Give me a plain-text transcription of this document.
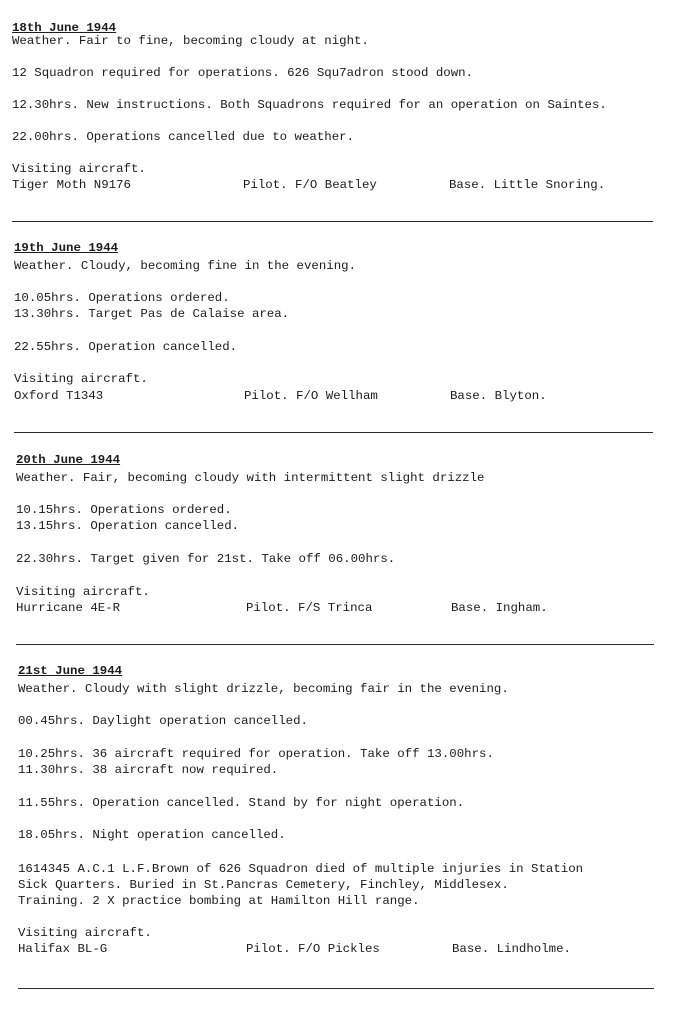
18th June 1944
Weather. Fair to fine, becoming cloudy at night.
12 Squadron required for operations. 626 Squ7adron stood down.
12.30hrs. New instructions. Both Squadrons required for an operation on Saintes.
22.00hrs. Operations cancelled due to weather.
Visiting aircraft.
Tiger Moth N9176	Pilot. F/O Beatley	Base. Little Snoring.
19th June 1944
Weather. Cloudy, becoming fine in the evening.
10.05hrs. Operations ordered.
13.30hrs. Target Pas de Calaise area.
22.55hrs. Operation cancelled.
Visiting aircraft.
Oxford T1343	Pilot. F/O Wellham	Base. Blyton.
20th June 1944
Weather. Fair, becoming cloudy with intermittent slight drizzle
10.15hrs. Operations ordered.
13.15hrs. Operation cancelled.
22.30hrs. Target given for 21st. Take off 06.00hrs.
Visiting aircraft.
Hurricane 4E-R	Pilot. F/S Trinca	Base. Ingham.
21st June 1944
Weather. Cloudy with slight drizzle, becoming fair in the evening.
00.45hrs. Daylight operation cancelled.
10.25hrs. 36 aircraft required for operation. Take off 13.00hrs.
11.30hrs. 38 aircraft now required.
11.55hrs. Operation cancelled. Stand by for night operation.
18.05hrs. Night operation cancelled.
1614345 A.C.1 L.F.Brown of 626 Squadron died of multiple injuries in Station
Sick Quarters. Buried in St.Pancras Cemetery, Finchley, Middlesex.
Training. 2 X practice bombing at Hamilton Hill range.
Visiting aircraft.
Halifax BL-G	Pilot. F/O Pickles	Base. Lindholme.
